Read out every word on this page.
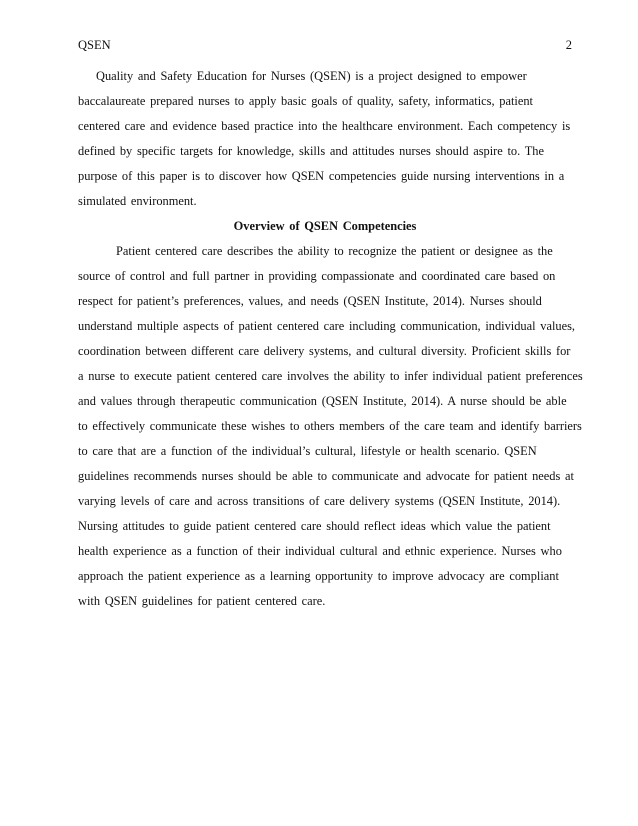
QSEN	2
Quality and Safety Education for Nurses (QSEN) is a project designed to empower
baccalaureate prepared nurses to apply basic goals of quality, safety, informatics, patient
centered care and evidence based practice into the healthcare environment. Each competency is
defined by specific targets for knowledge, skills and attitudes nurses should aspire to. The
purpose of this paper is to discover how QSEN competencies guide nursing interventions in a
simulated environment.
Overview of QSEN Competencies
Patient centered care describes the ability to recognize the patient or designee as the
source of control and full partner in providing compassionate and coordinated care based on
respect for patient’s preferences, values, and needs (QSEN Institute, 2014). Nurses should
understand multiple aspects of patient centered care including communication, individual values,
coordination between different care delivery systems, and cultural diversity. Proficient skills for
a nurse to execute patient centered care involves the ability to infer individual patient preferences
and values through therapeutic communication (QSEN Institute, 2014). A nurse should be able
to effectively communicate these wishes to others members of the care team and identify barriers
to care that are a function of the individual’s cultural, lifestyle or health scenario. QSEN
guidelines recommends nurses should be able to communicate and advocate for patient needs at
varying levels of care and across transitions of care delivery systems (QSEN Institute, 2014).
Nursing attitudes to guide patient centered care should reflect ideas which value the patient
health experience as a function of their individual cultural and ethnic experience. Nurses who
approach the patient experience as a learning opportunity to improve advocacy are compliant
with QSEN guidelines for patient centered care.
